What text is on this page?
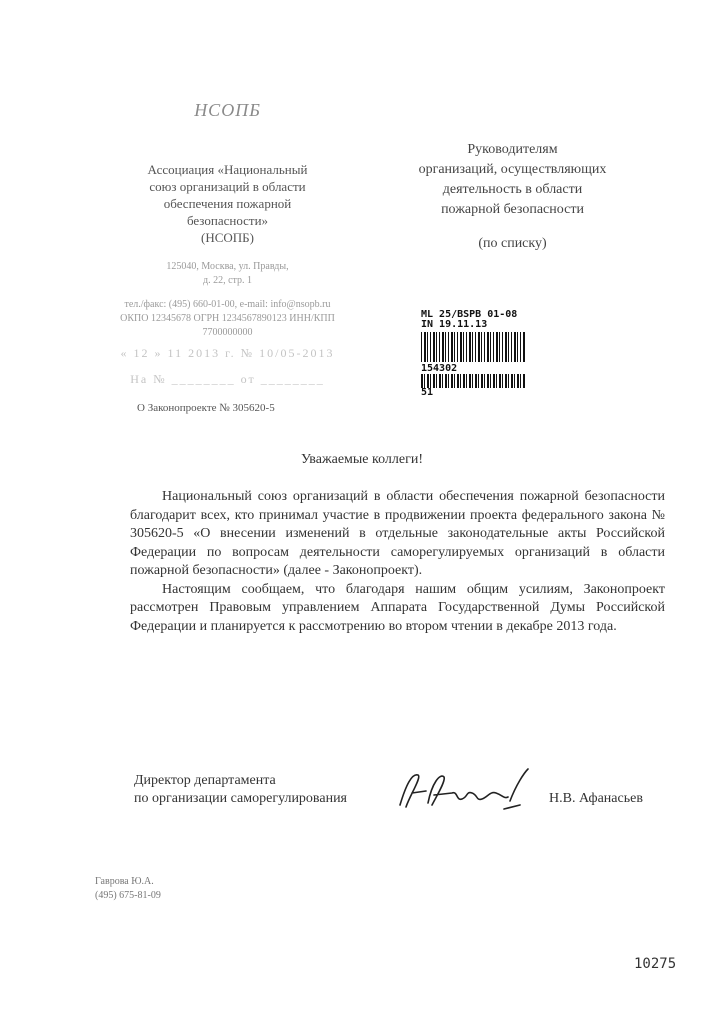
НСОПБ
Ассоциация «Национальный
союз организаций в области
обеспечения пожарной
безопасности»
(НСОПБ)
125040, Москва, ул. Правды,
д. 22, стр. 1
тел./факс: (495) 660-01-00, e-mail: info@nsopb.ru
ОКПО 12345678 ОГРН 1234567890123 ИНН/КПП 7700000000
« 12 » 11 2013 г. № 10/05-2013
На № ________ от ________
О Законопроекте № 305620-5
Руководителям
организаций, осуществляющих
деятельность в области
пожарной безопасности
(по списку)
ML 25/BSPB 01-08
IN 19.11.13
154302
51
Уважаемые коллеги!

Национальный союз организаций в области обеспечения пожарной безопасности благодарит всех, кто принимал участие в продвижении проекта федерального закона № 305620-5 «О внесении изменений в отдельные законодательные акты Российской Федерации по вопросам деятельности саморегулируемых организаций в области пожарной безопасности» (далее - Законопроект).

Настоящим сообщаем, что благодаря нашим общим усилиям, Законопроект рассмотрен Правовым управлением Аппарата Государственной Думы Российской Федерации и планируется к рассмотрению во втором чтении в декабре 2013 года.

Директор департамента
по организации саморегулирования	Н.В. Афанасьев
Гаврова Ю.А.
(495) 675-81-09
10275
